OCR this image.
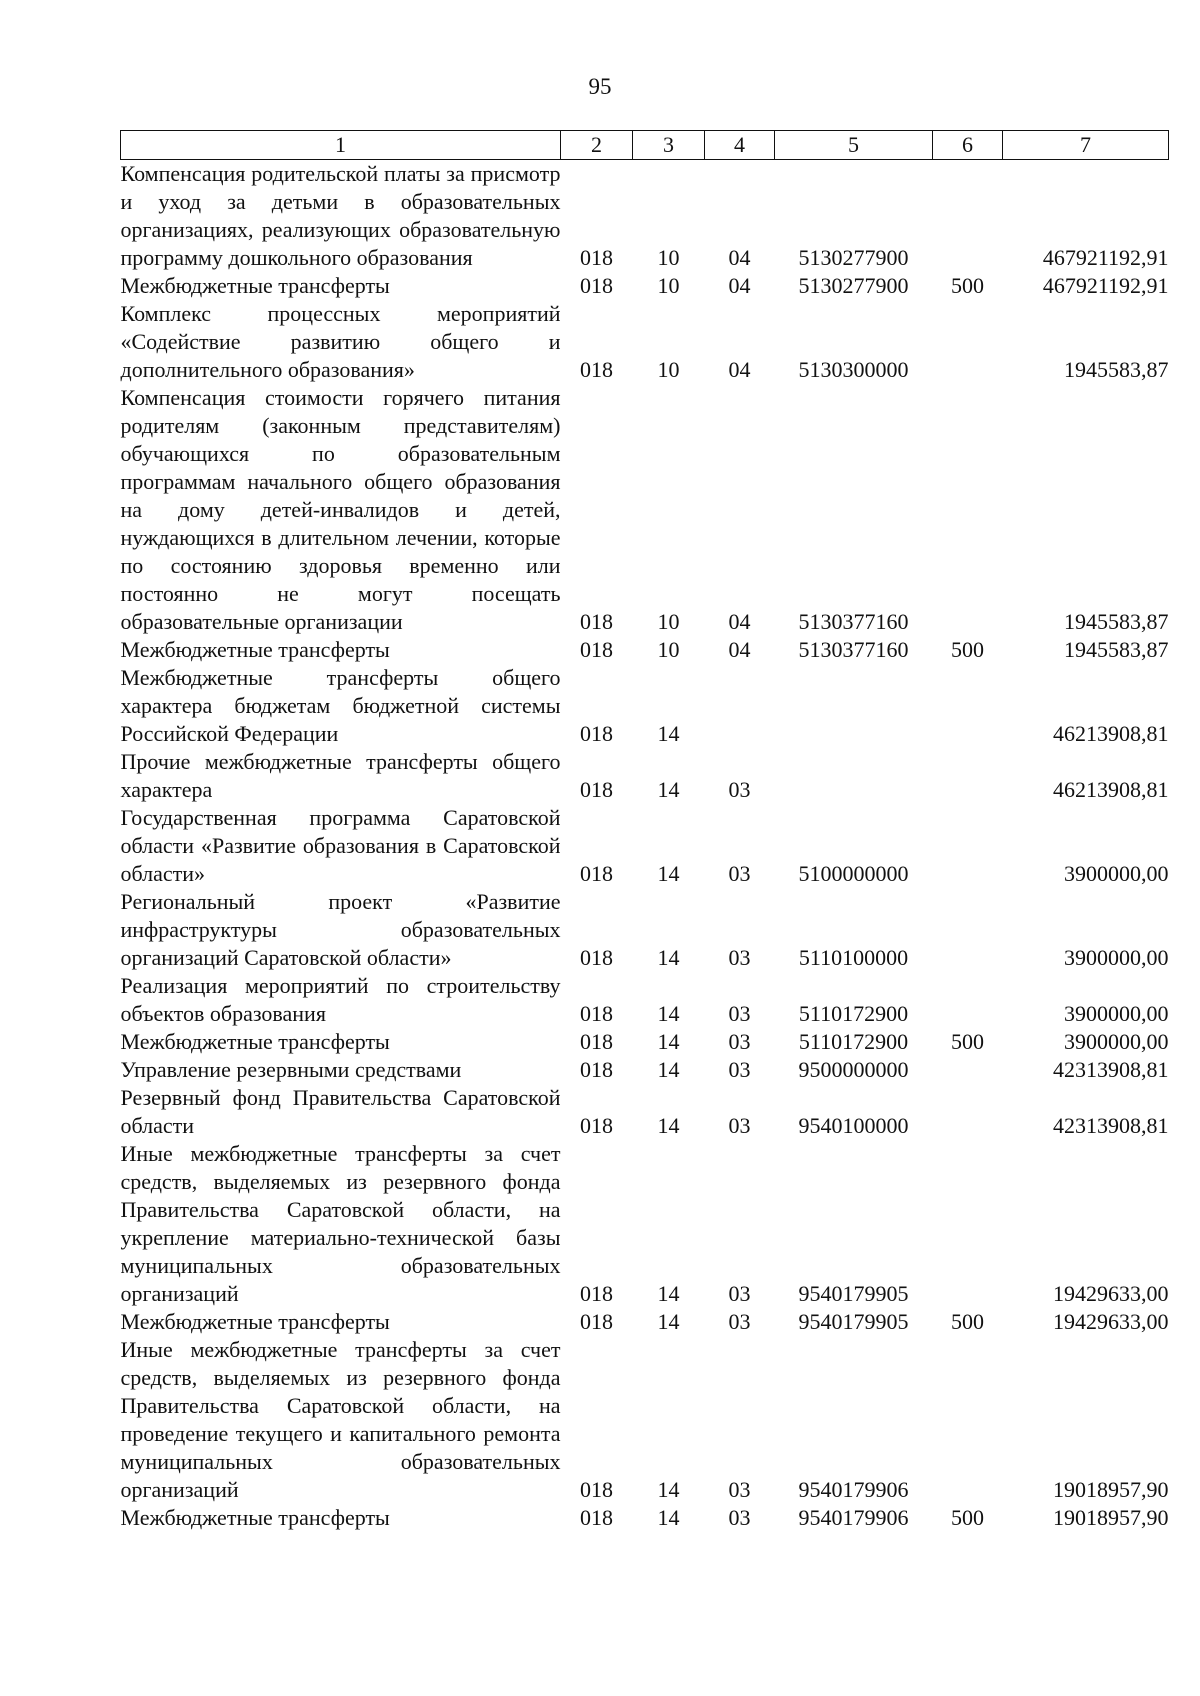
95
1	2	3	4	5	6	7
Компенсация родительской платы за присмотр и уход за детьми в образовательных организациях, реализующих образовательную программу дошкольного образования	018	10	04	5130277900		467921192,91
Межбюджетные трансферты	018	10	04	5130277900	500	467921192,91
Комплекс процессных мероприятий «Содействие развитию общего и дополнительного образования»	018	10	04	5130300000		1945583,87
Компенсация стоимости горячего питания родителям (законным представителям) обучающихся по образовательным программам начального общего образования на дому детей-инвалидов и детей, нуждающихся в длительном лечении, которые по состоянию здоровья временно или постоянно не могут посещать образовательные организации	018	10	04	5130377160		1945583,87
Межбюджетные трансферты	018	10	04	5130377160	500	1945583,87
Межбюджетные трансферты общего характера бюджетам бюджетной системы Российской Федерации	018	14				46213908,81
Прочие межбюджетные трансферты общего характера	018	14	03			46213908,81
Государственная программа Саратовской области «Развитие образования в Саратовской области»	018	14	03	5100000000		3900000,00
Региональный проект «Развитие инфраструктуры образовательных организаций Саратовской области»	018	14	03	5110100000		3900000,00
Реализация мероприятий по строительству объектов образования	018	14	03	5110172900		3900000,00
Межбюджетные трансферты	018	14	03	5110172900	500	3900000,00
Управление резервными средствами	018	14	03	9500000000		42313908,81
Резервный фонд Правительства Саратовской области	018	14	03	9540100000		42313908,81
Иные межбюджетные трансферты за счет средств, выделяемых из резервного фонда Правительства Саратовской области, на укрепление материально-технической базы муниципальных образовательных организаций	018	14	03	9540179905		19429633,00
Межбюджетные трансферты	018	14	03	9540179905	500	19429633,00
Иные межбюджетные трансферты за счет средств, выделяемых из резервного фонда Правительства Саратовской области, на проведение текущего и капитального ремонта муниципальных образовательных организаций	018	14	03	9540179906		19018957,90
Межбюджетные трансферты	018	14	03	9540179906	500	19018957,90
